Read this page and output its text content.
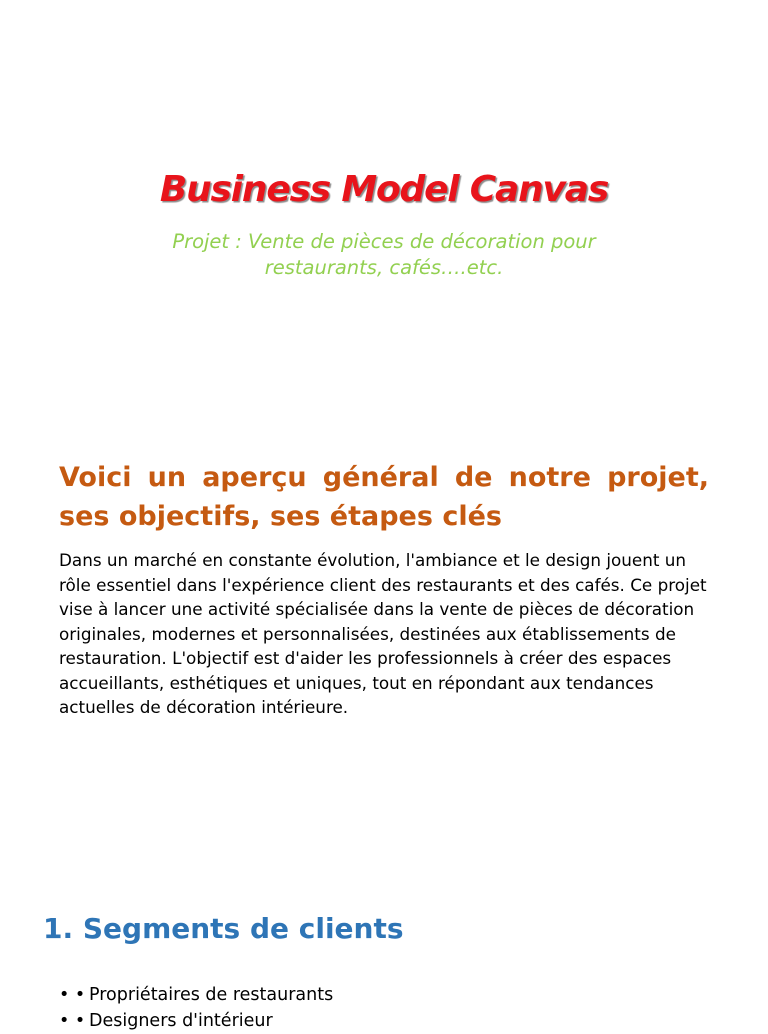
Business Model Canvas

Projet : Vente de pièces de décoration pour restaurants, cafés….etc.

Voici un aperçu général de notre projet, ses objectifs, ses étapes clés

Dans un marché en constante évolution, l'ambiance et le design jouent un rôle essentiel dans l'expérience client des restaurants et des cafés. Ce projet vise à lancer une activité spécialisée dans la vente de pièces de décoration originales, modernes et personnalisées, destinées aux établissements de restauration. L'objectif est d'aider les professionnels à créer des espaces accueillants, esthétiques et uniques, tout en répondant aux tendances actuelles de décoration intérieure.

1. Segments de clients
• • Propriétaires de restaurants
• • Designers d'intérieur
